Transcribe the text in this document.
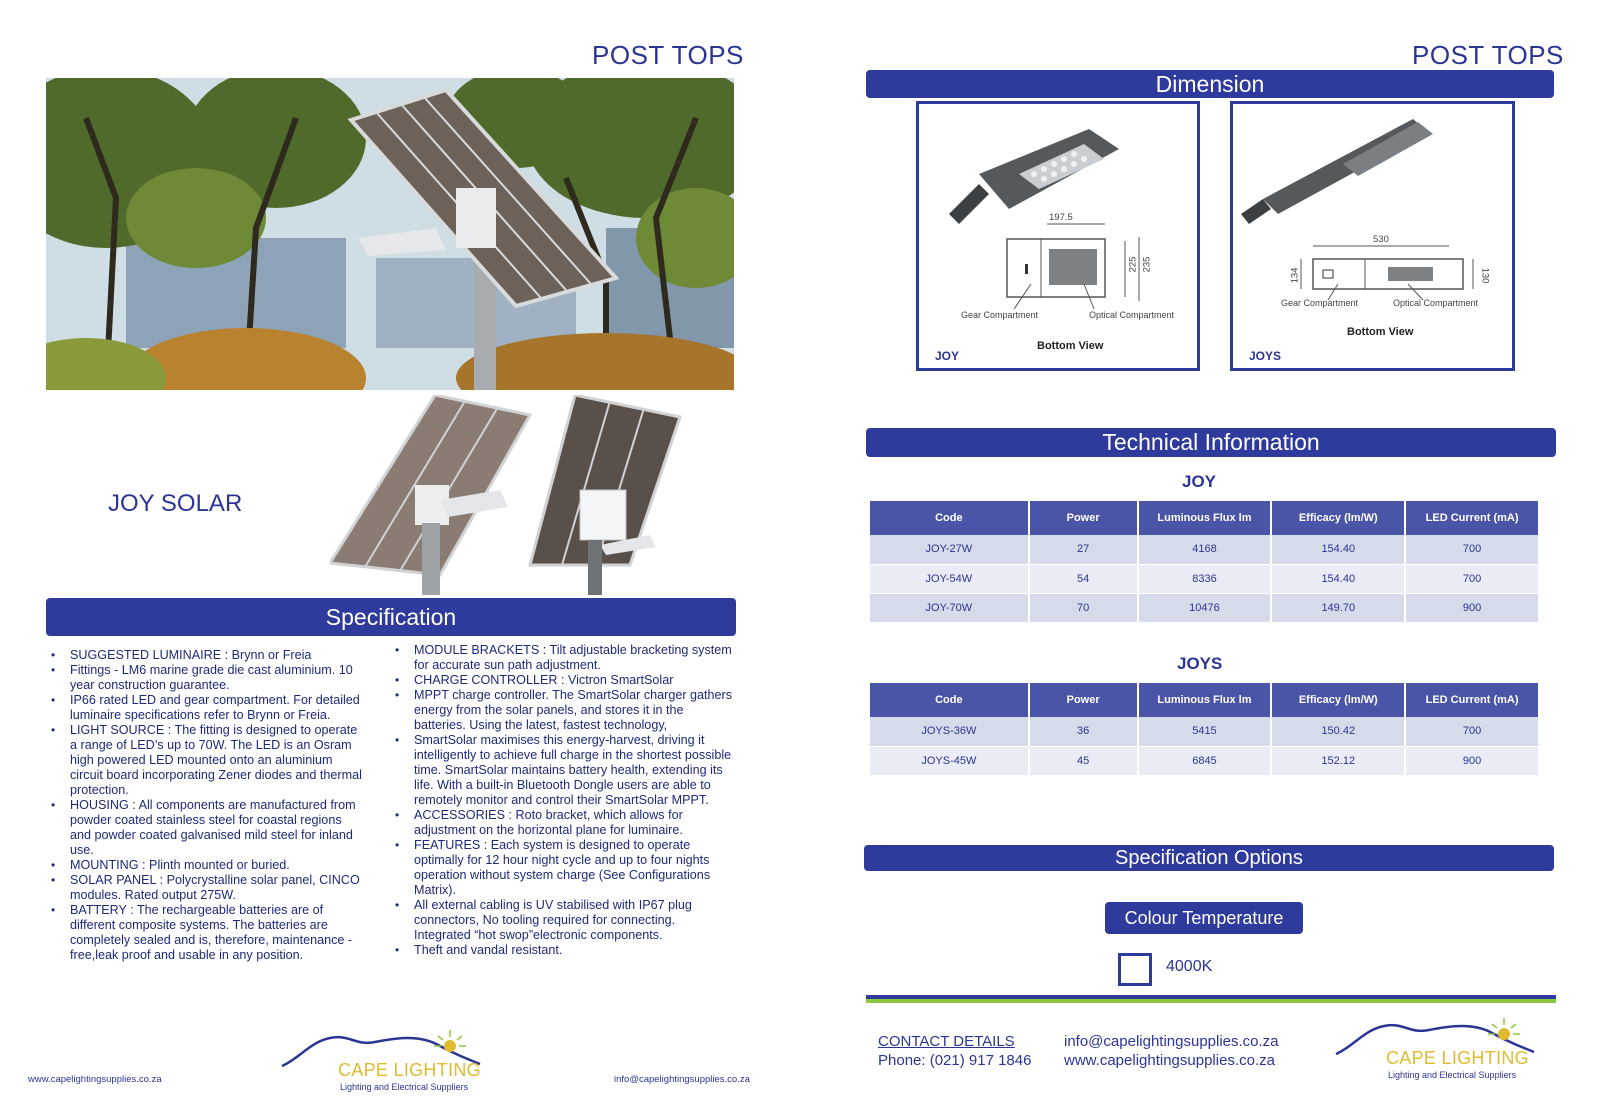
POST TOPS
JOY SOLAR
Specification
• SUGGESTED LUMINAIRE : Brynn or Freia
• Fittings - LM6 marine grade die cast aluminium. 10 year construction guarantee.
• IP66 rated LED and gear compartment. For detailed luminaire specifications refer to Brynn or Freia.
• LIGHT SOURCE : The fitting is designed to operate a range of LED’s up to 70W. The LED is an Osram high powered LED mounted onto an aluminium circuit board incorporating Zener diodes and thermal protection.
• HOUSING : All components are manufactured from powder coated stainless steel for coastal regions and powder coated galvanised mild steel for inland use.
• MOUNTING : Plinth mounted or buried.
• SOLAR PANEL : Polycrystalline solar panel, CINCO modules. Rated output 275W.
• BATTERY : The rechargeable batteries are of different composite systems. The batteries are completely sealed and is, therefore, maintenance -free,leak proof and usable in any position.
• MODULE BRACKETS : Tilt adjustable bracketing system for accurate sun path adjustment.
• CHARGE CONTROLLER : Victron SmartSolar
• MPPT charge controller. The SmartSolar charger gathers energy from the solar panels, and stores it in the batteries. Using the latest, fastest technology,
• SmartSolar maximises this energy-harvest, driving it intelligently to achieve full charge in the shortest possible time. SmartSolar maintains battery health, extending its life. With a built-in Bluetooth Dongle users are able to remotely monitor and control their SmartSolar MPPT.
• ACCESSORIES : Roto bracket, which allows for adjustment on the horizontal plane for luminaire.
• FEATURES : Each system is designed to operate optimally for 12 hour night cycle and up to four nights operation without system charge (See Configurations Matrix).
• All external cabling is UV stabilised with IP67 plug connectors, No tooling required for connecting. Integrated “hot swop”electronic components.
• Theft and vandal resistant.
www.capelightingsupplies.co.za	info@capelightingsupplies.co.za
CAPE LIGHTING
Lighting and Electrical Suppliers
POST TOPS
Dimension
197.5
225 235
Gear Compartment	Optical Compartment
Bottom View
JOY
530
134	130
Gear Compartment	Optical Compartment
Bottom View
JOYS
Technical Information
JOY
Code	Power	Luminous Flux lm	Efficacy (lm/W)	LED Current (mA)
JOY-27W	27	4168	154.40	700
JOY-54W	54	8336	154.40	700
JOY-70W	70	10476	149.70	900
JOYS
Code	Power	Luminous Flux lm	Efficacy (lm/W)	LED Current (mA)
JOYS-36W	36	5415	150.42	700
JOYS-45W	45	6845	152.12	900
Specification Options
Colour Temperature
4000K
CONTACT DETAILS
Phone: (021) 917 1846
info@capelightingsupplies.co.za
www.capelightingsupplies.co.za	CAPE LIGHTING
Lighting and Electrical Suppliers
